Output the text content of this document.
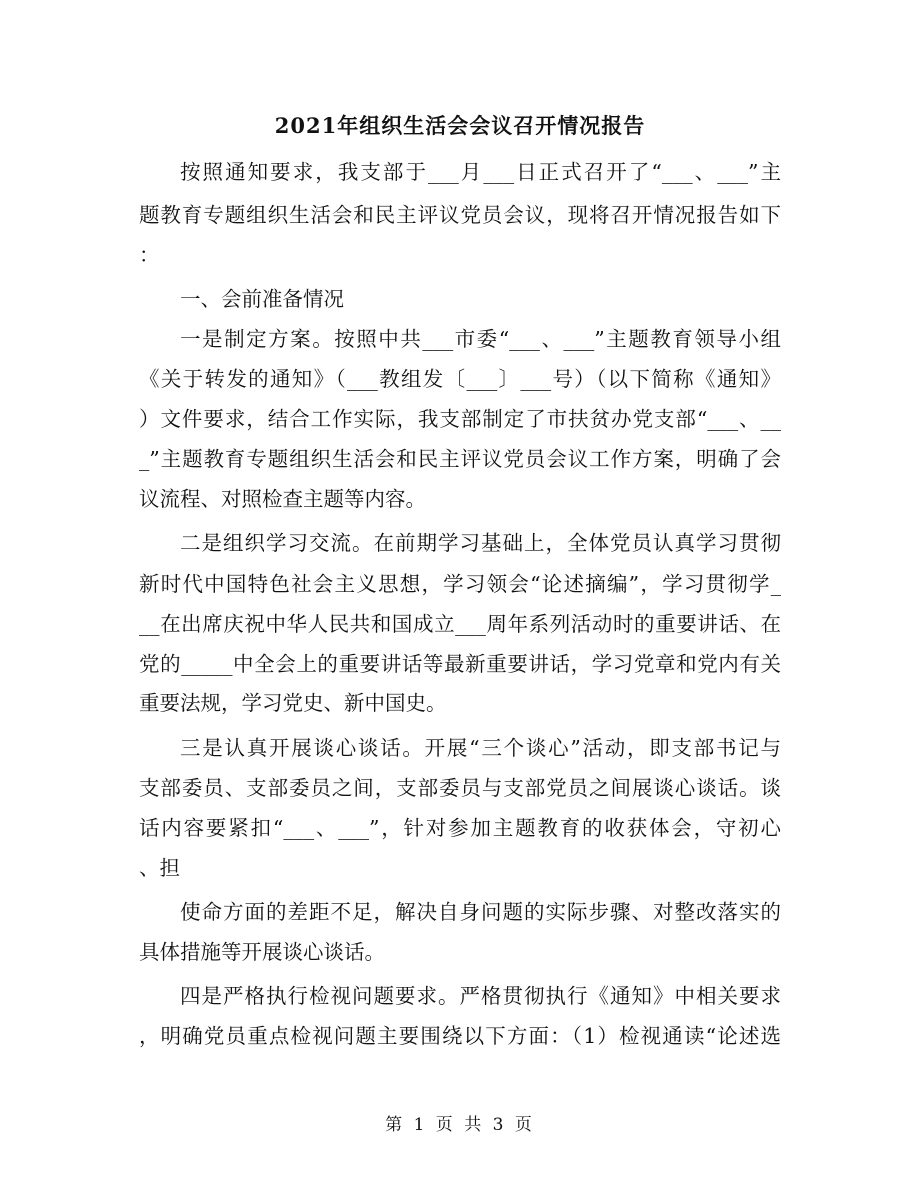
2021年组织生活会会议召开情况报告
按照通知要求，我支部于___月___日正式召开了“___、___”主
题教育专题组织生活会和民主评议党员会议，现将召开情况报告如下
：
一、会前准备情况
一是制定方案。按照中共___市委“___、___”主题教育领导小组
《关于转发的通知》（___教组发〔___〕___号）（以下简称《通知》
）文件要求，结合工作实际，我支部制定了市扶贫办党支部“___、__
_”主题教育专题组织生活会和民主评议党员会议工作方案，明确了会
议流程、对照检查主题等内容。
二是组织学习交流。在前期学习基础上，全体党员认真学习贯彻
新时代中国特色社会主义思想，学习领会“论述摘编”，学习贯彻学_
__在出席庆祝中华人民共和国成立___周年系列活动时的重要讲话、在
党的_____中全会上的重要讲话等最新重要讲话，学习党章和党内有关
重要法规，学习党史、新中国史。
三是认真开展谈心谈话。开展“三个谈心”活动，即支部书记与
支部委员、支部委员之间，支部委员与支部党员之间展谈心谈话。谈
话内容要紧扣“___、___”，针对参加主题教育的收获体会，守初心
、担
使命方面的差距不足，解决自身问题的实际步骤、对整改落实的
具体措施等开展谈心谈话。
四是严格执行检视问题要求。严格贯彻执行《通知》中相关要求
，明确党员重点检视问题主要围绕以下方面：（1）检视通读“论述选
第 1 页 共 3 页
